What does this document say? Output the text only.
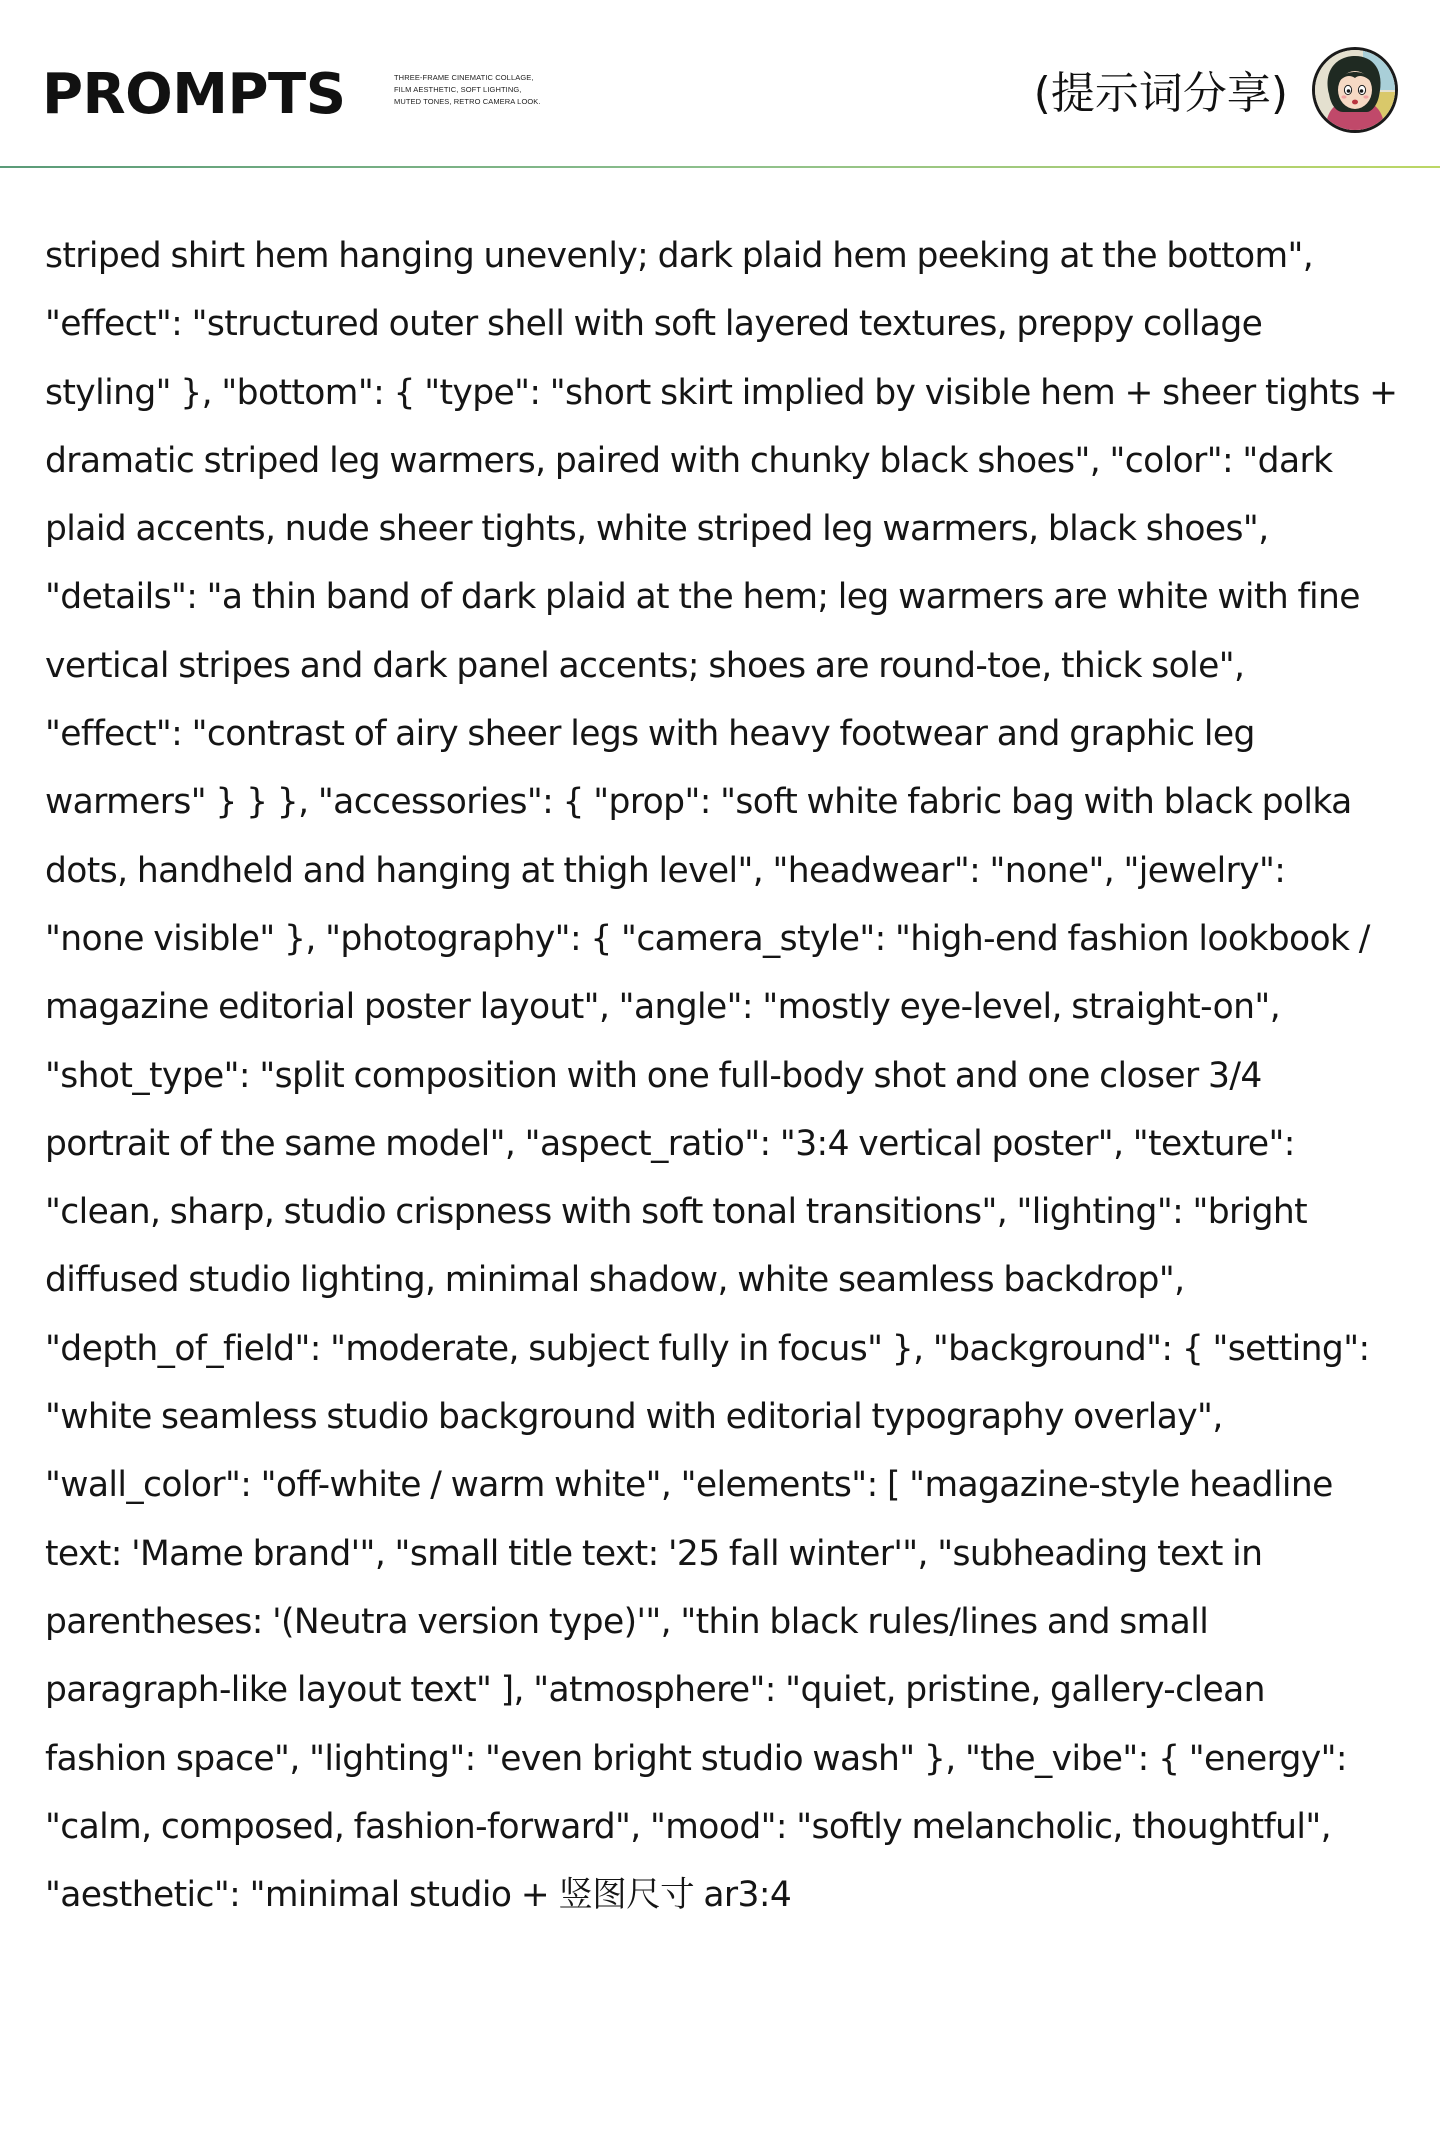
PROMPTS	THREE-FRAME CINEMATIC COLLAGE,
FILM AESTHETIC, SOFT LIGHTING,
MUTED TONES, RETRO CAMERA LOOK.	(提示词分享)
striped shirt hem hanging unevenly; dark plaid hem peeking at the bottom",
"effect": "structured outer shell with soft layered textures, preppy collage
styling" }, "bottom": { "type": "short skirt implied by visible hem + sheer tights +
dramatic striped leg warmers, paired with chunky black shoes", "color": "dark
plaid accents, nude sheer tights, white striped leg warmers, black shoes",
"details": "a thin band of dark plaid at the hem; leg warmers are white with fine
vertical stripes and dark panel accents; shoes are round-toe, thick sole",
"effect": "contrast of airy sheer legs with heavy footwear and graphic leg
warmers" } } }, "accessories": { "prop": "soft white fabric bag with black polka
dots, handheld and hanging at thigh level", "headwear": "none", "jewelry":
"none visible" }, "photography": { "camera_style": "high-end fashion lookbook /
magazine editorial poster layout", "angle": "mostly eye-level, straight-on",
"shot_type": "split composition with one full-body shot and one closer 3/4
portrait of the same model", "aspect_ratio": "3:4 vertical poster", "texture":
"clean, sharp, studio crispness with soft tonal transitions", "lighting": "bright
diffused studio lighting, minimal shadow, white seamless backdrop",
"depth_of_field": "moderate, subject fully in focus" }, "background": { "setting":
"white seamless studio background with editorial typography overlay",
"wall_color": "off-white / warm white", "elements": [ "magazine-style headline
text: 'Mame brand'", "small title text: '25 fall winter'", "subheading text in
parentheses: '(Neutra version type)'", "thin black rules/lines and small
paragraph-like layout text" ], "atmosphere": "quiet, pristine, gallery-clean
fashion space", "lighting": "even bright studio wash" }, "the_vibe": { "energy":
"calm, composed, fashion-forward", "mood": "softly melancholic, thoughtful",
"aesthetic": "minimal studio + 竖图尺寸 ar3:4
